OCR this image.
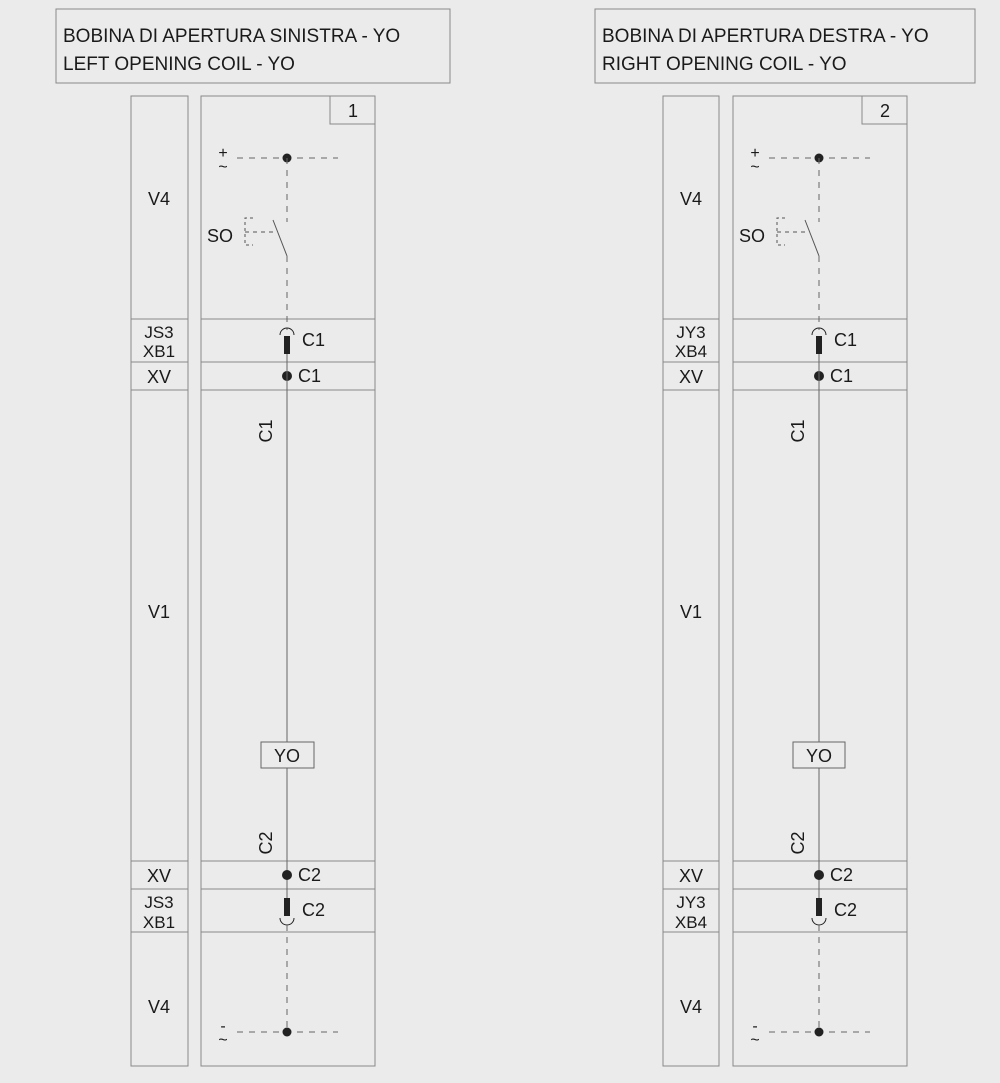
BOBINA DI APERTURA SINISTRA - YO
LEFT OPENING COIL - YO
V4
JS3
XB1
XV
V1
XV
JS3
XB1
V4
1
+
~
SO
C1
C1
C1
YO
C2
C2
C2
-
~
BOBINA DI APERTURA DESTRA - YO
RIGHT OPENING COIL - YO
V4
JY3
XB4
XV
V1
XV
JY3
XB4
V4
2
+
~
SO
C1
C1
C1
YO
C2
C2
C2
-
~
